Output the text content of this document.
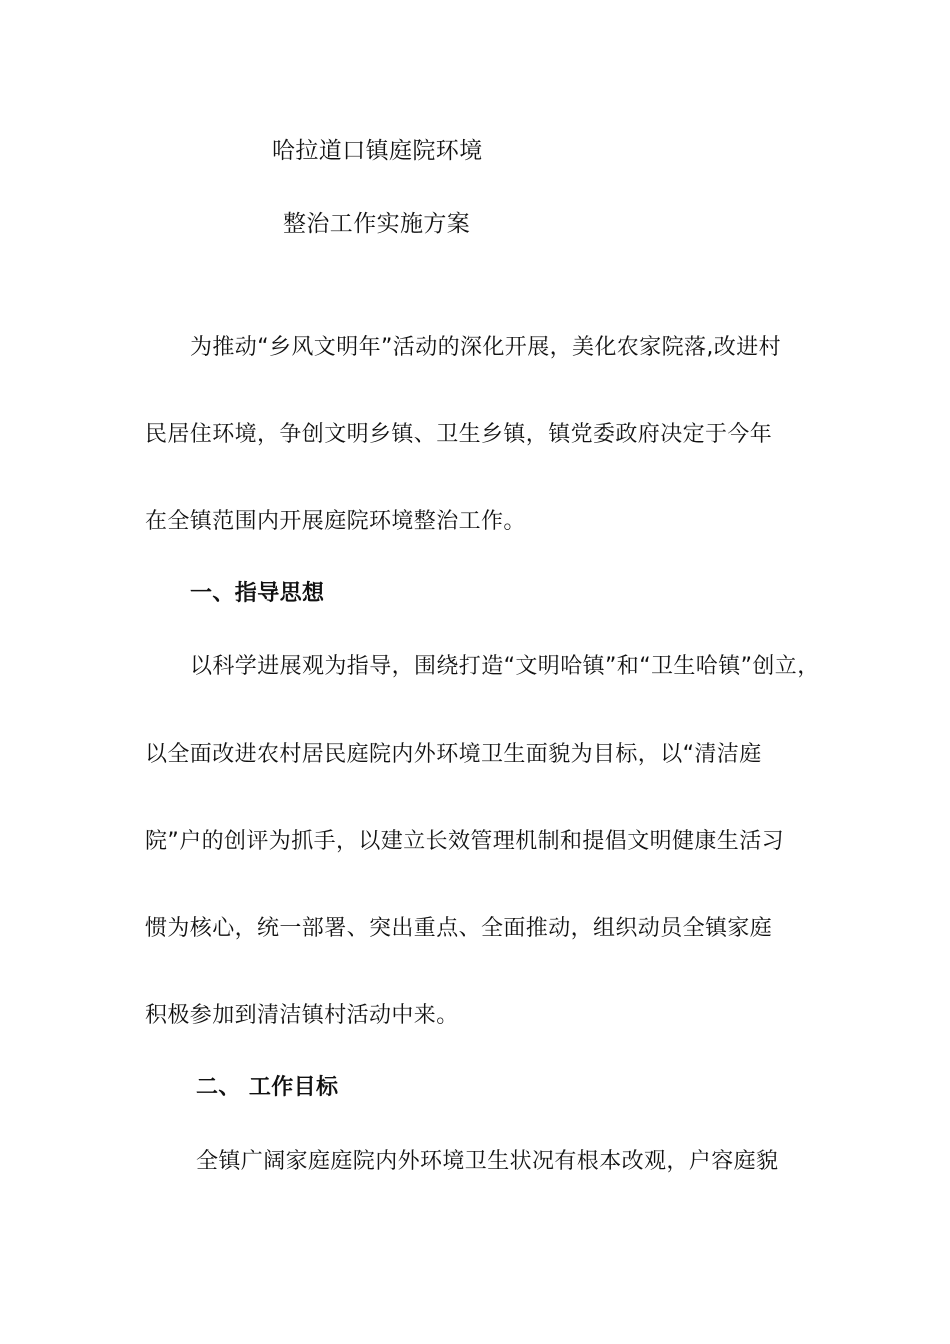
哈拉道口镇庭院环境
整治工作实施方案
为推动“乡风文明年”活动的深化开展，美化农家院落,改进村
民居住环境，争创文明乡镇、卫生乡镇，镇党委政府决定于今年
在全镇范围内开展庭院环境整治工作。
一、指导思想
以科学进展观为指导，围绕打造“文明哈镇”和“卫生哈镇”创立，
以全面改进农村居民庭院内外环境卫生面貌为目标，以“清洁庭
院”户的创评为抓手，以建立长效管理机制和提倡文明健康生活习
惯为核心，统一部署、突出重点、全面推动，组织动员全镇家庭
积极参加到清洁镇村活动中来。
二、 工作目标
全镇广阔家庭庭院内外环境卫生状况有根本改观，户容庭貌
